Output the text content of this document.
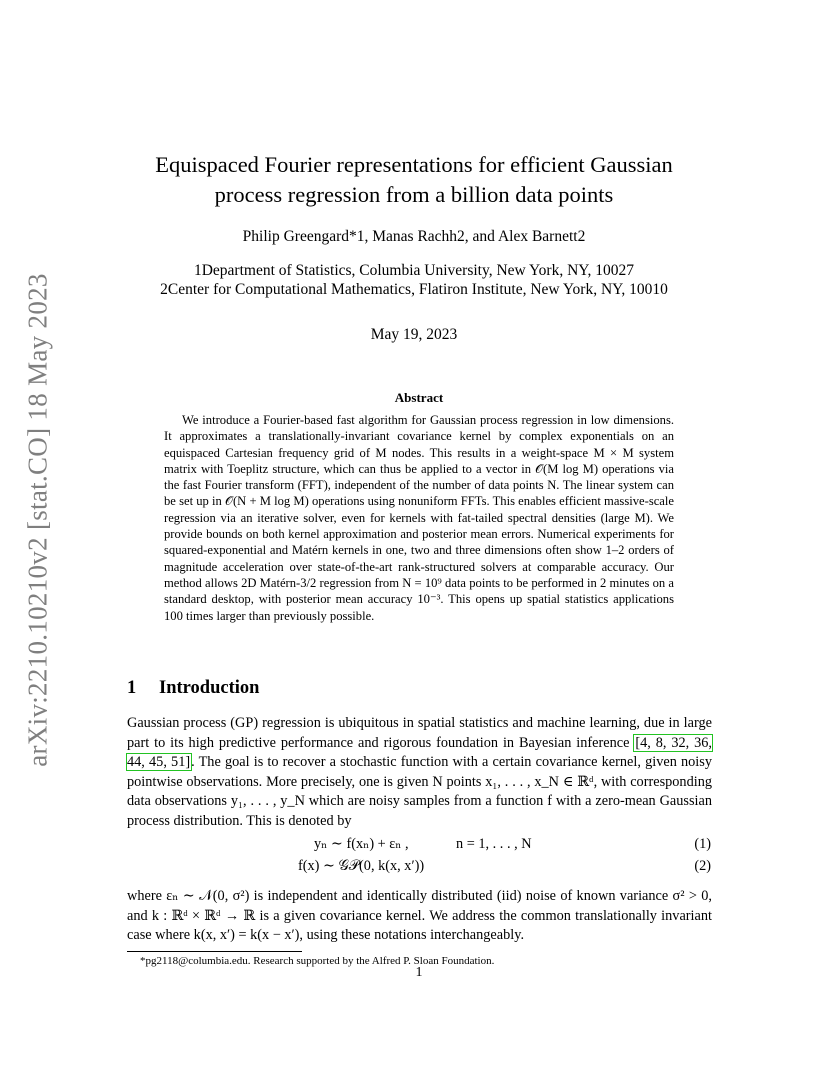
arXiv:2210.10210v2 [stat.CO] 18 May 2023
Equispaced Fourier representations for efficient Gaussian
process regression from a billion data points
Philip Greengard*1, Manas Rachh2, and Alex Barnett2
1Department of Statistics, Columbia University, New York, NY, 10027
2Center for Computational Mathematics, Flatiron Institute, New York, NY, 10010
May 19, 2023
Abstract
We introduce a Fourier-based fast algorithm for Gaussian process regression in low dimensions. It approximates a translationally-invariant covariance kernel by complex exponentials on an equispaced Cartesian frequency grid of M nodes. This results in a weight-space M × M system matrix with Toeplitz structure, which can thus be applied to a vector in 𝒪(M log M) operations via the fast Fourier transform (FFT), independent of the number of data points N. The linear system can be set up in 𝒪(N + M log M) operations using nonuniform FFTs. This enables efficient massive-scale regression via an iterative solver, even for kernels with fat-tailed spectral densities (large M). We provide bounds on both kernel approximation and posterior mean errors. Numerical experiments for squared-exponential and Matérn kernels in one, two and three dimensions often show 1–2 orders of magnitude acceleration over state-of-the-art rank-structured solvers at comparable accuracy. Our method allows 2D Matérn-3/2 regression from N = 10⁹ data points to be performed in 2 minutes on a standard desktop, with posterior mean accuracy 10⁻³. This opens up spatial statistics applications 100 times larger than previously possible.
1 Introduction
Gaussian process (GP) regression is ubiquitous in spatial statistics and machine learning, due in large part to its high predictive performance and rigorous foundation in Bayesian inference [4, 8, 32, 36, 44, 45, 51]. The goal is to recover a stochastic function with a certain covariance kernel, given noisy pointwise observations. More precisely, one is given N points x₁, . . . , x_N ∈ ℝᵈ, with corresponding data observations y₁, . . . , y_N which are noisy samples from a function f with a zero-mean Gaussian process distribution. This is denoted by
yₙ ∼ f(xₙ) + εₙ ,	n = 1, . . . , N	(1)
f(x) ∼ 𝒢𝒫(0, k(x, x′))	(2)
where εₙ ∼ 𝒩(0, σ²) is independent and identically distributed (iid) noise of known variance σ² > 0, and k : ℝᵈ × ℝᵈ → ℝ is a given covariance kernel. We address the common translationally invariant case where k(x, x′) = k(x − x′), using these notations interchangeably.
*pg2118@columbia.edu. Research supported by the Alfred P. Sloan Foundation.
1
